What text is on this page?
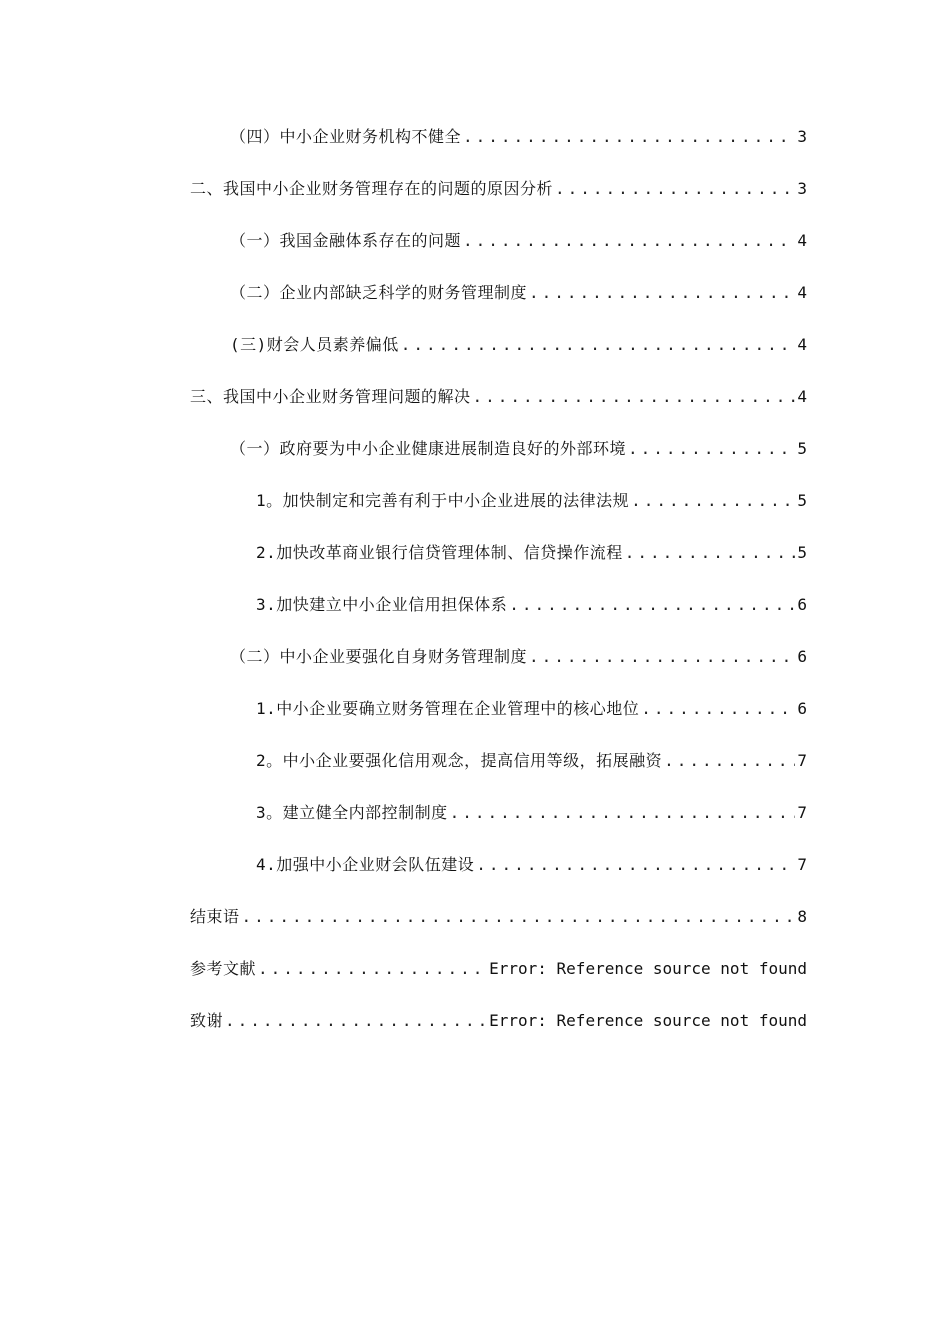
（四）中小企业财务机构不健全 .....	3
二、我国中小企业财务管理存在的问题的原因分析 .....	3
（一）我国金融体系存在的问题 .....	4
（二）企业内部缺乏科学的财务管理制度 .....	4
(三)财会人员素养偏低 .....	4
三、我国中小企业财务管理问题的解决 .....	4
（一）政府要为中小企业健康进展制造良好的外部环境 .....	5
1。加快制定和完善有利于中小企业进展的法律法规 .....	5
2.加快改革商业银行信贷管理体制、信贷操作流程 .....	5
3.加快建立中小企业信用担保体系 .....	6
（二）中小企业要强化自身财务管理制度 .....	6
1.中小企业要确立财务管理在企业管理中的核心地位 .....	6
2。中小企业要强化信用观念，提高信用等级，拓展融资 .....	7
3。建立健全内部控制制度 .....	7
4.加强中小企业财会队伍建设 .....	7
结束语 .....	8
参考文献 .....	Error: Reference source not found
致谢 .....	Error: Reference source not found
